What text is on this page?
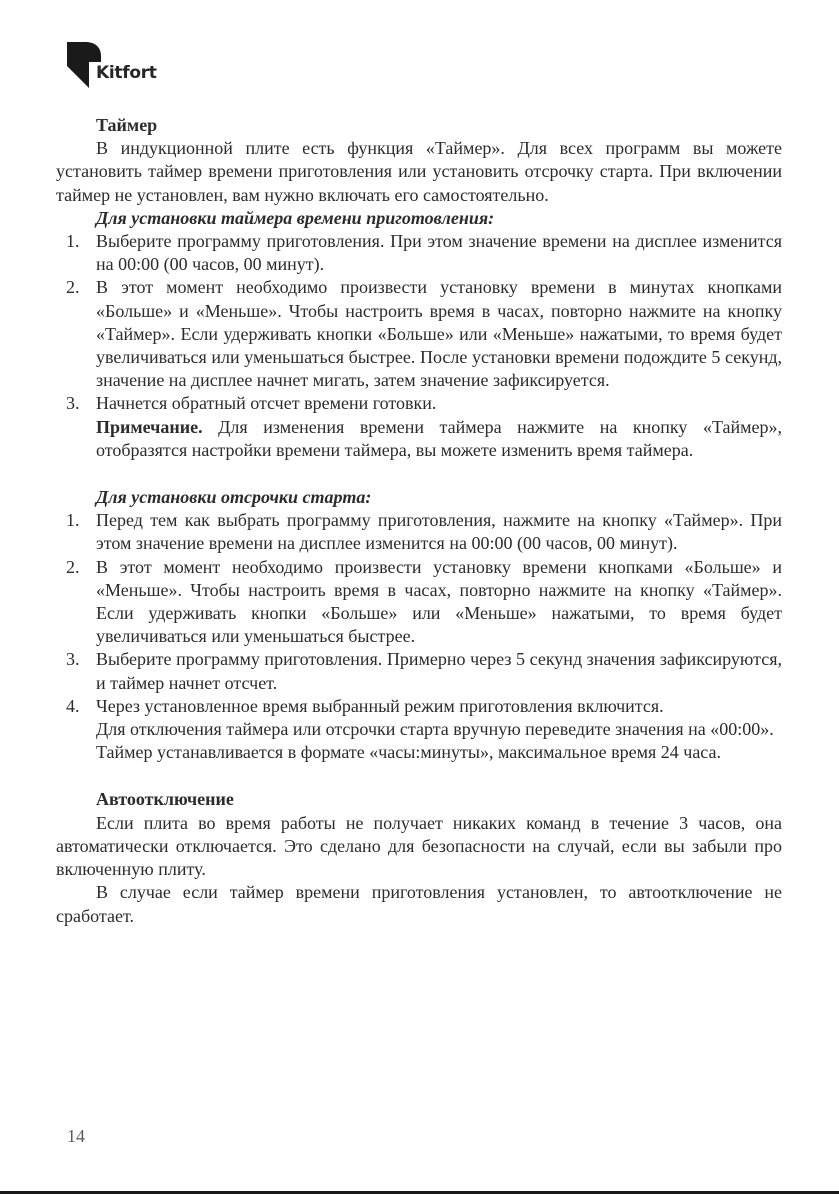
Kitfort
Таймер
В индукционной плите есть функция «Таймер». Для всех программ вы можете установить таймер времени приготовления или установить отсрочку старта. При включении таймер не установлен, вам нужно включать его самостоятельно.
Для установки таймера времени приготовления:
1. Выберите программу приготовления. При этом значение времени на дисплее изменится на 00:00 (00 часов, 00 минут).
2. В этот момент необходимо произвести установку времени в минутах кнопками «Больше» и «Меньше». Чтобы настроить время в часах, повторно нажмите на кнопку «Таймер». Если удерживать кнопки «Больше» или «Меньше» нажатыми, то время будет увеличиваться или уменьшаться быстрее. После установки времени подождите 5 секунд, значение на дисплее начнет мигать, затем значение зафиксируется.
3. Начнется обратный отсчет времени готовки.
Примечание. Для изменения времени таймера нажмите на кнопку «Таймер», отобразятся настройки времени таймера, вы можете изменить время таймера.
Для установки отсрочки старта:
1. Перед тем как выбрать программу приготовления, нажмите на кнопку «Таймер». При этом значение времени на дисплее изменится на 00:00 (00 часов, 00 минут).
2. В этот момент необходимо произвести установку времени кнопками «Больше» и «Меньше». Чтобы настроить время в часах, повторно нажмите на кнопку «Таймер». Если удерживать кнопки «Больше» или «Меньше» нажатыми, то время будет увеличиваться или уменьшаться быстрее.
3. Выберите программу приготовления. Примерно через 5 секунд значения зафиксируются, и таймер начнет отсчет.
4. Через установленное время выбранный режим приготовления включится.
Для отключения таймера или отсрочки старта вручную переведите значения на «00:00».
Таймер устанавливается в формате «часы:минуты», максимальное время 24 часа.
Автоотключение
Если плита во время работы не получает никаких команд в течение 3 часов, она автоматически отключается. Это сделано для безопасности на случай, если вы забыли про включенную плиту.
В случае если таймер времени приготовления установлен, то автоотключение не сработает.
14
